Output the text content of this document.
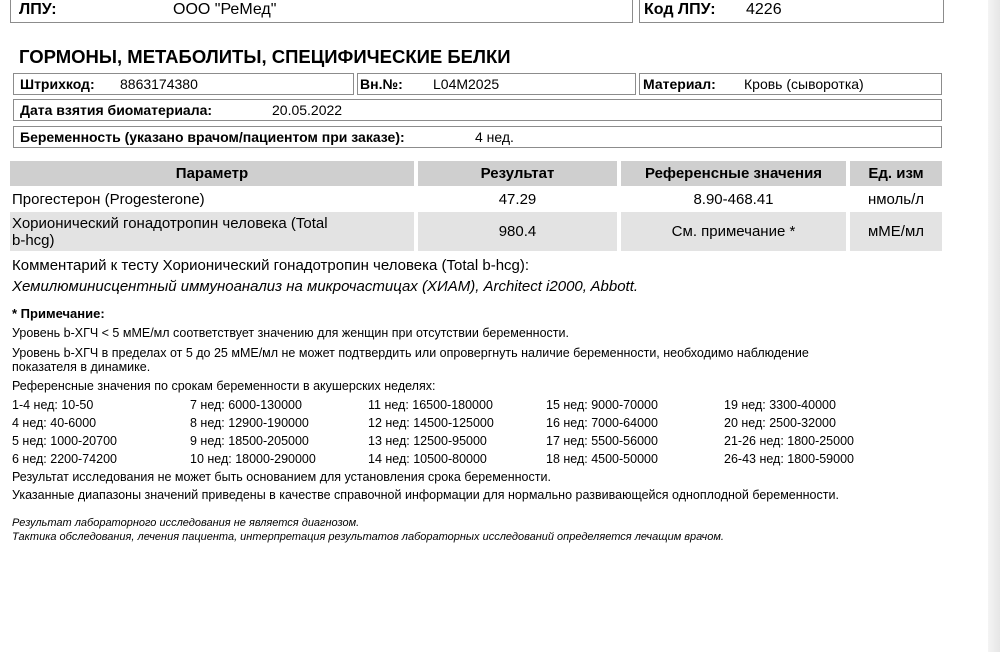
ЛПУ:	ООО "РеМед"	Код ЛПУ: 4226
ГОРМОНЫ, МЕТАБОЛИТЫ, СПЕЦИФИЧЕСКИЕ БЕЛКИ
Штрихкод: 8863174380	Вн.№: L04M2025	Материал: Кровь (сыворотка)
Дата взятия биоматериала:	20.05.2022
Беременность (указано врачом/пациентом при заказе):	4 нед.
Параметр	Результат	Референсные значения	Ед. изм
Прогестерон (Progesterone)	47.29	8.90-468.41	нмоль/л
Хорионический гонадотропин человека (Total
b-hcg)	980.4	См. примечание *	мМЕ/мл
Комментарий к тесту Хорионический гонадотропин человека (Total b-hcg):
Хемилюминисцентный иммуноанализ на микрочастицах (ХИАМ), Architect i2000, Abbott.
* Примечание:
Уровень b-ХГЧ < 5 мМЕ/мл соответствует значению для женщин при отсутствии беременности.
Уровень b-ХГЧ в пределах от 5 до 25 мМЕ/мл не может подтвердить или опровергнуть наличие беременности, необходимо наблюдение
показателя в динамике.
Референсные значения по срокам беременности в акушерских неделях:
1-4 нед: 10-50	7 нед: 6000-130000	11 нед: 16500-180000	15 нед: 9000-70000	19 нед: 3300-40000
4 нед: 40-6000	8 нед: 12900-190000	12 нед: 14500-125000	16 нед: 7000-64000	20 нед: 2500-32000
5 нед: 1000-20700	9 нед: 18500-205000	13 нед: 12500-95000	17 нед: 5500-56000	21-26 нед: 1800-25000
6 нед: 2200-74200	10 нед: 18000-290000	14 нед: 10500-80000	18 нед: 4500-50000	26-43 нед: 1800-59000
Результат исследования не может быть основанием для установления срока беременности.
Указанные диапазоны значений приведены в качестве справочной информации для нормально развивающейся одноплодной беременности.
Результат лабораторного исследования не является диагнозом.
Тактика обследования, лечения пациента, интерпретация результатов лабораторных исследований определяется лечащим врачом.
